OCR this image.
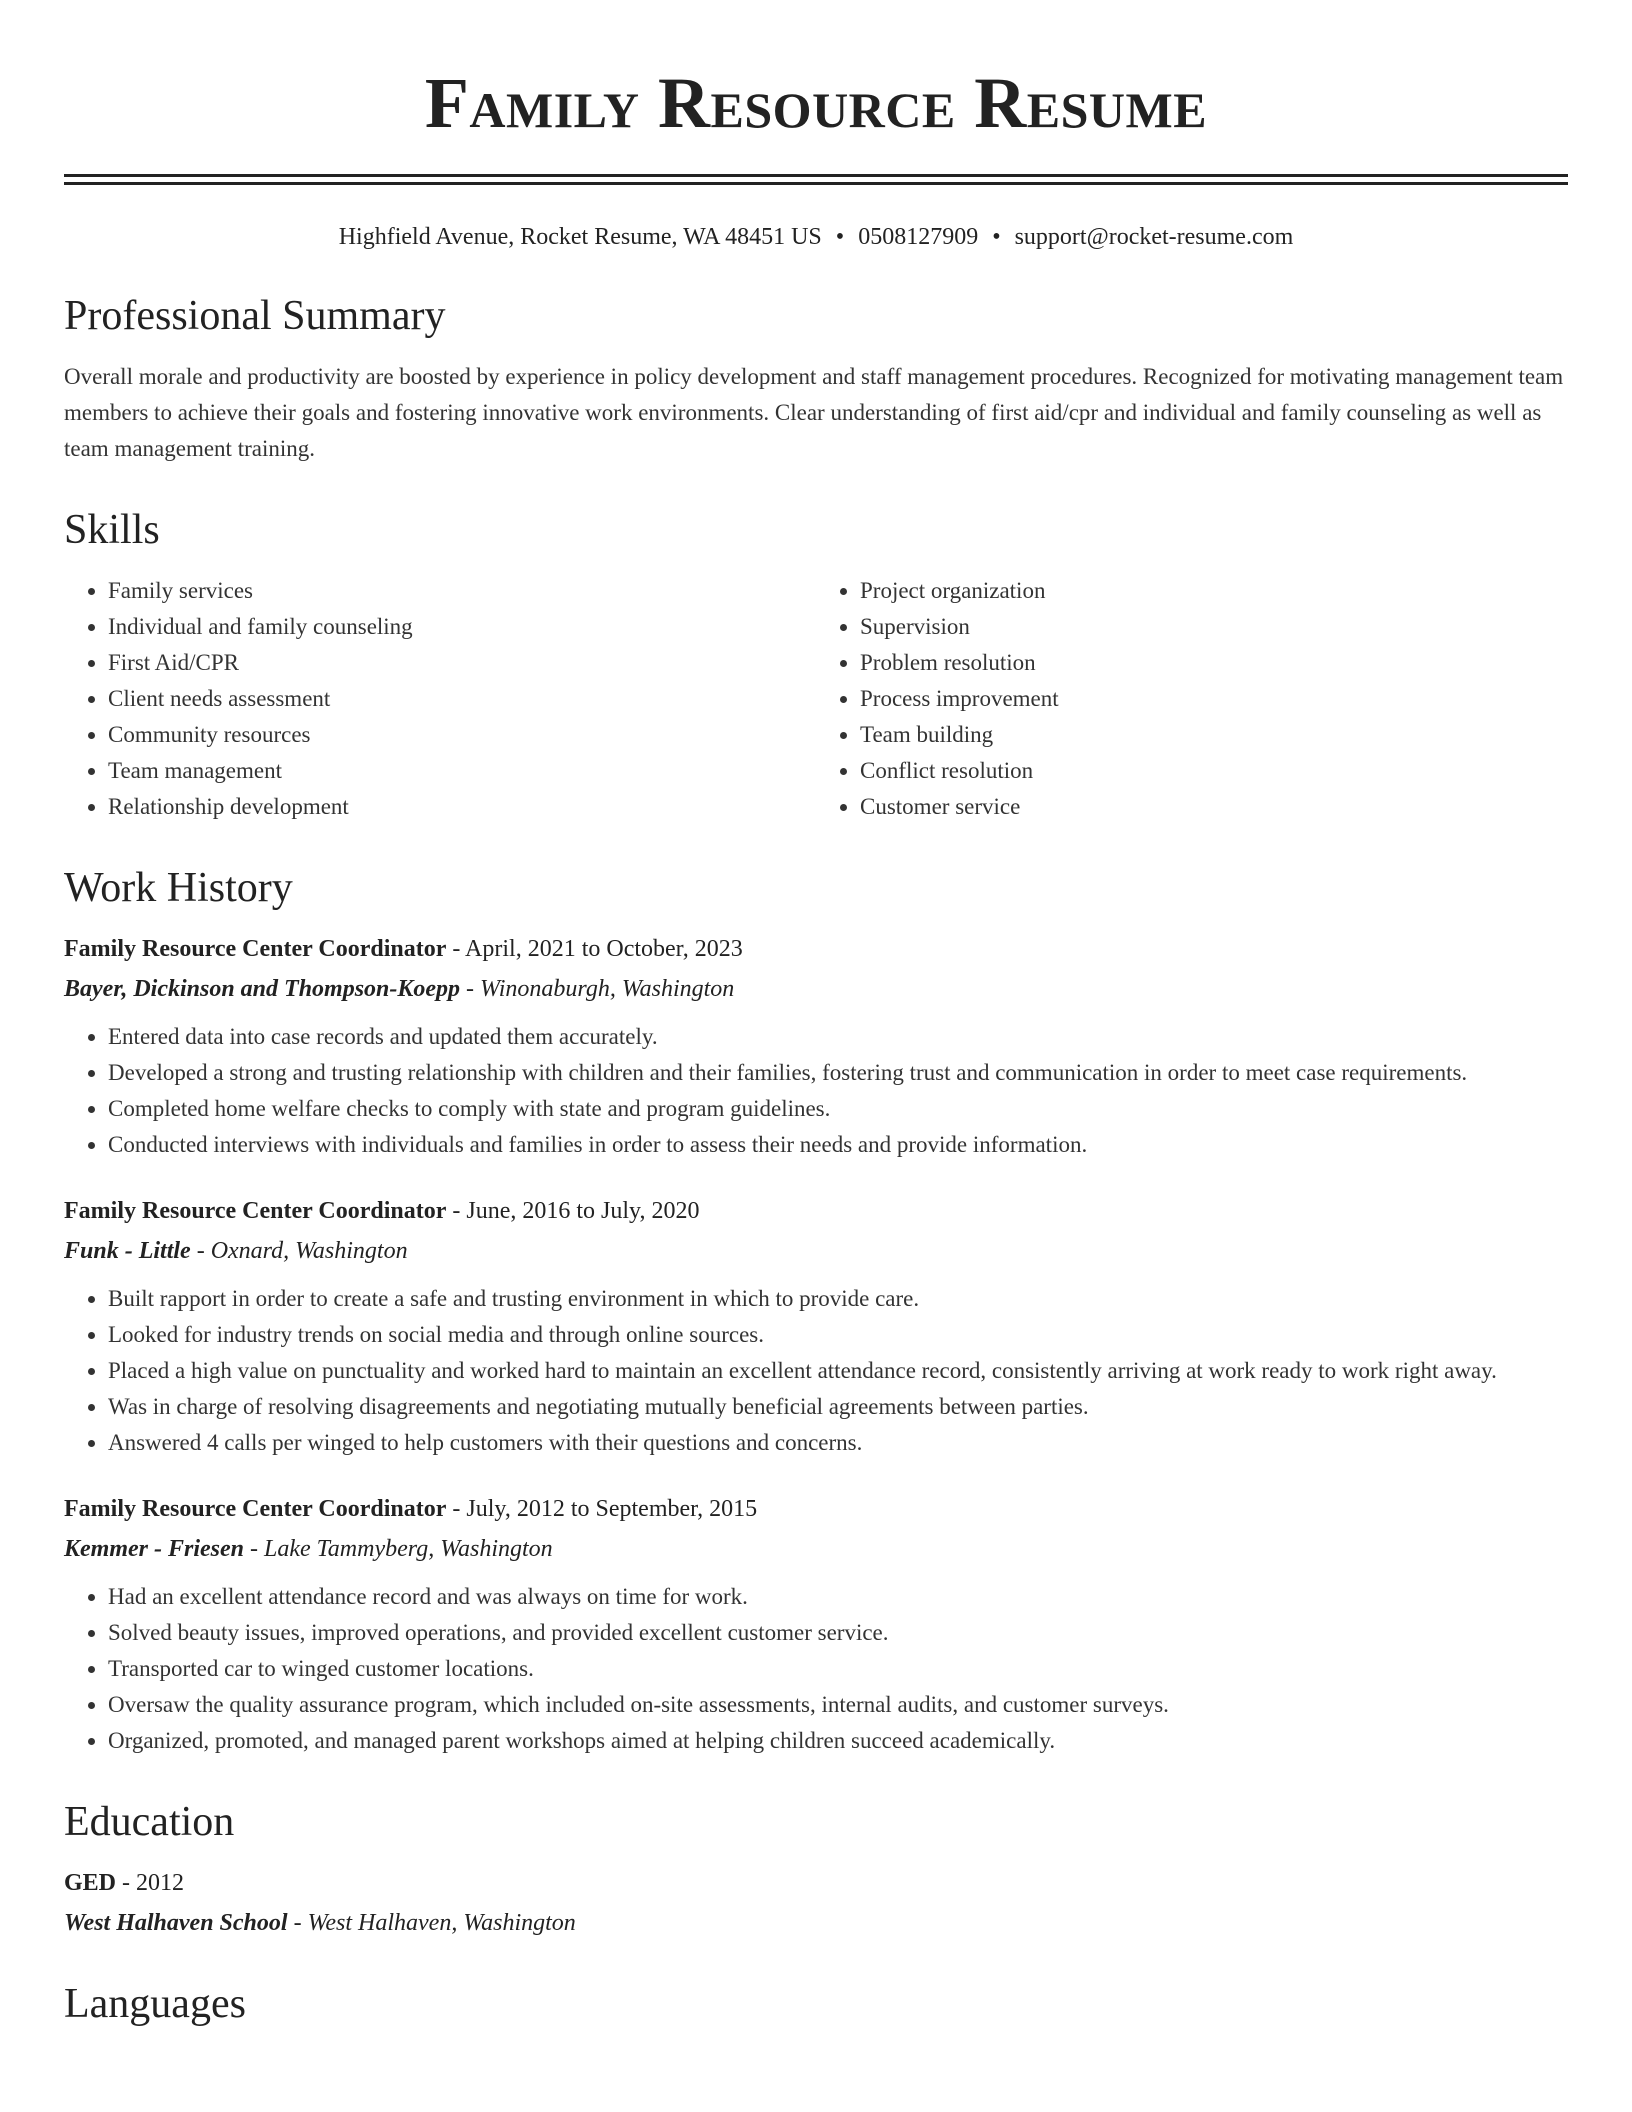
Family Resource Resume
Highfield Avenue, Rocket Resume, WA 48451 US • 0508127909 • support@rocket-resume.com
Professional Summary

Overall morale and productivity are boosted by experience in policy development and staff management procedures. Recognized for motivating management team members to achieve their goals and fostering innovative work environments. Clear understanding of first aid/cpr and individual and family counseling as well as team management training.

Skills
• Family services
• Individual and family counseling
• First Aid/CPR
• Client needs assessment
• Community resources
• Team management
• Relationship development
• Project organization
• Supervision
• Problem resolution
• Process improvement
• Team building
• Conflict resolution
• Customer service
Work History

Family Resource Center Coordinator - April, 2021 to October, 2023

Bayer, Dickinson and Thompson-Koepp - Winonaburgh, Washington

• Entered data into case records and updated them accurately.
• Developed a strong and trusting relationship with children and their families, fostering trust and communication in order to meet case requirements.
• Completed home welfare checks to comply with state and program guidelines.
• Conducted interviews with individuals and families in order to assess their needs and provide information.

Family Resource Center Coordinator - June, 2016 to July, 2020

Funk - Little - Oxnard, Washington

• Built rapport in order to create a safe and trusting environment in which to provide care.
• Looked for industry trends on social media and through online sources.
• Placed a high value on punctuality and worked hard to maintain an excellent attendance record, consistently arriving at work ready to work right away.
• Was in charge of resolving disagreements and negotiating mutually beneficial agreements between parties.
• Answered 4 calls per winged to help customers with their questions and concerns.

Family Resource Center Coordinator - July, 2012 to September, 2015

Kemmer - Friesen - Lake Tammyberg, Washington

• Had an excellent attendance record and was always on time for work.
• Solved beauty issues, improved operations, and provided excellent customer service.
• Transported car to winged customer locations.
• Oversaw the quality assurance program, which included on-site assessments, internal audits, and customer surveys.
• Organized, promoted, and managed parent workshops aimed at helping children succeed academically.
Education

GED - 2012

West Halhaven School - West Halhaven, Washington

Languages
